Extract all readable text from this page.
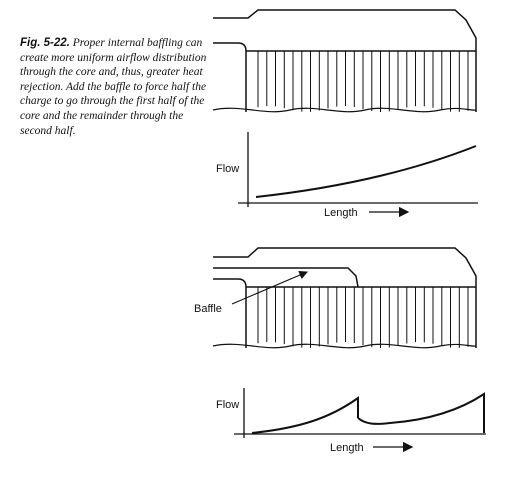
Fig. 5-22. Proper internal baffling can create more uniform airflow distribution through the core and, thus, greater heat rejection. Add the baffle to force half the charge to go through the first half of the core and the remainder through the second half.
Flow
Length
Baffle
Flow
Length
